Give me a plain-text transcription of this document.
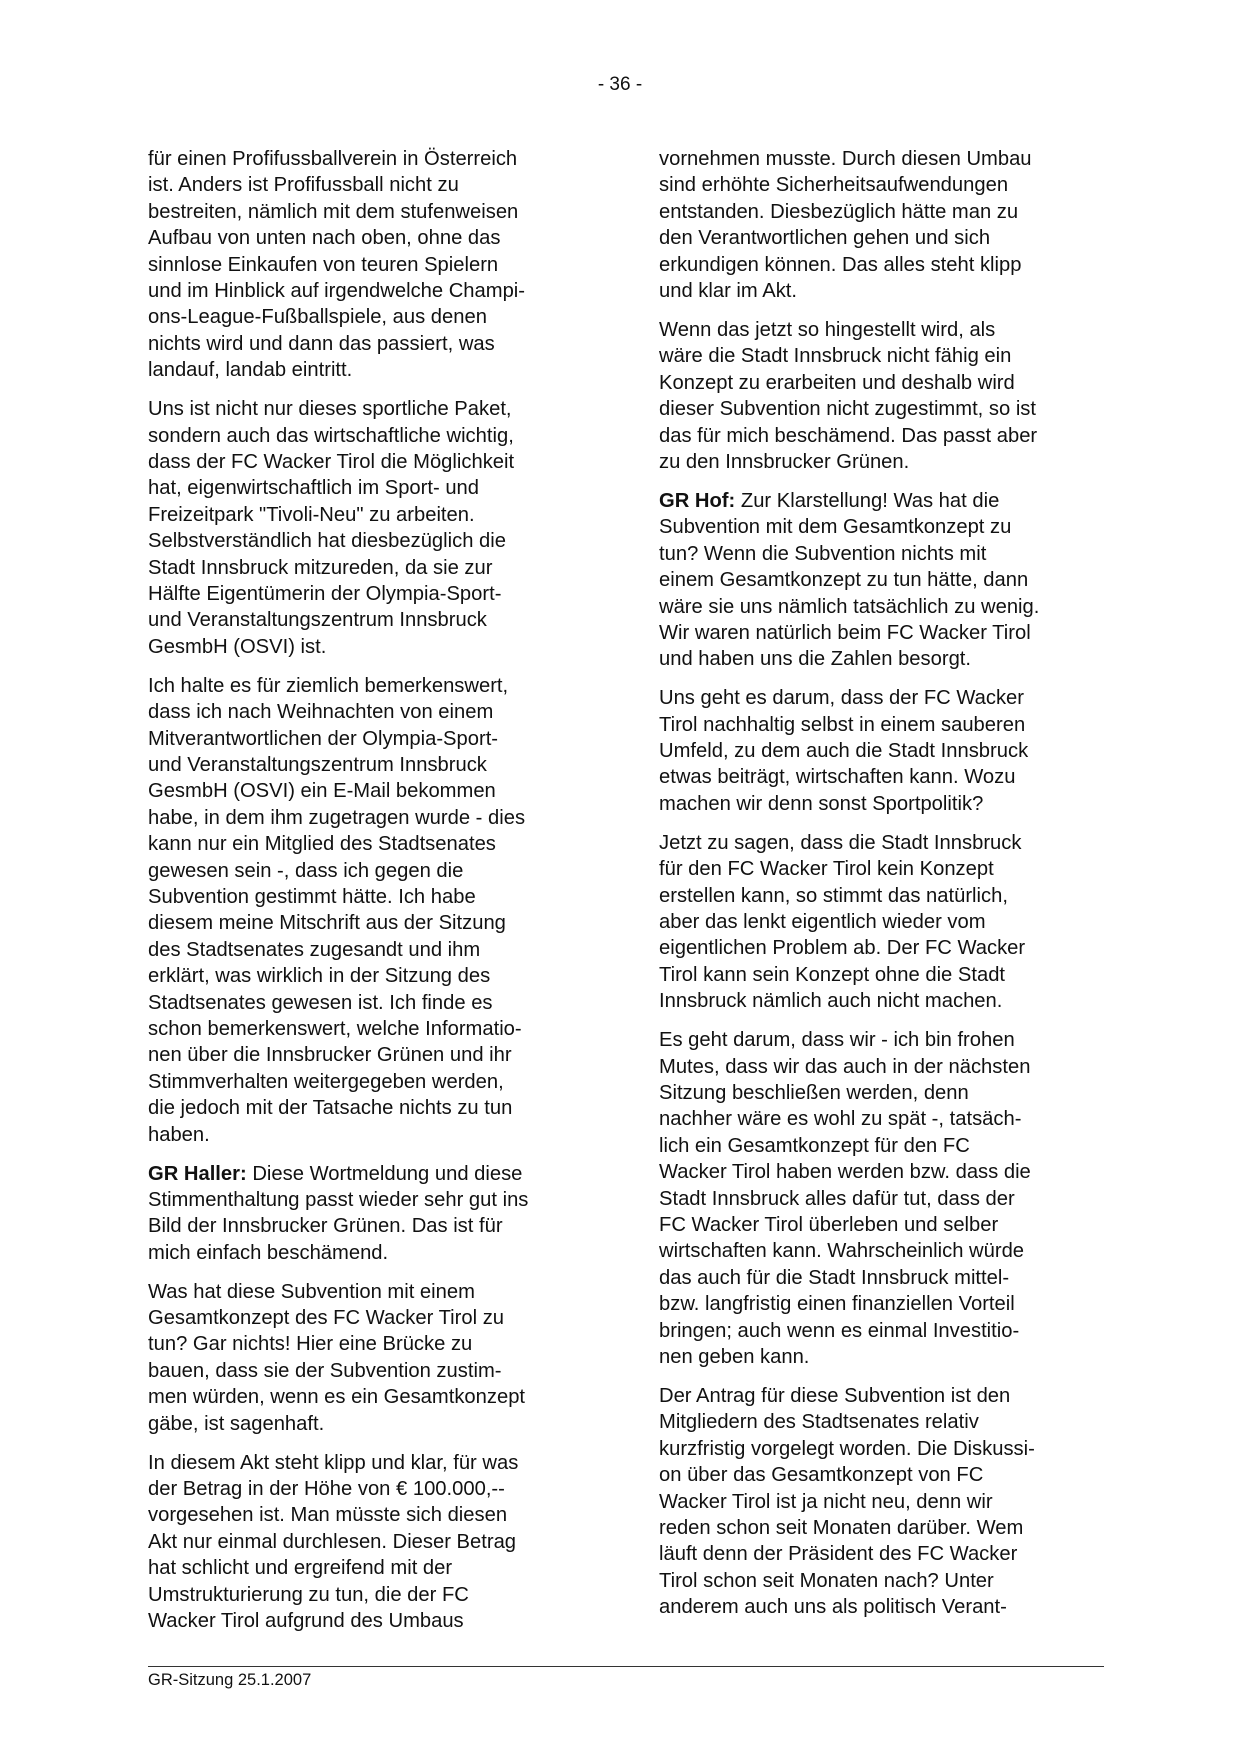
- 36 -

für einen Profifussballverein in Österreich
ist. Anders ist Profifussball nicht zu
bestreiten, nämlich mit dem stufenweisen
Aufbau von unten nach oben, ohne das
sinnlose Einkaufen von teuren Spielern
und im Hinblick auf irgendwelche Champi-
ons-League-Fußballspiele, aus denen
nichts wird und dann das passiert, was
landauf, landab eintritt.

Uns ist nicht nur dieses sportliche Paket,
sondern auch das wirtschaftliche wichtig,
dass der FC Wacker Tirol die Möglichkeit
hat, eigenwirtschaftlich im Sport- und
Freizeitpark "Tivoli-Neu" zu arbeiten.
Selbstverständlich hat diesbezüglich die
Stadt Innsbruck mitzureden, da sie zur
Hälfte Eigentümerin der Olympia-Sport-
und Veranstaltungszentrum Innsbruck
GesmbH (OSVI) ist.

Ich halte es für ziemlich bemerkenswert,
dass ich nach Weihnachten von einem
Mitverantwortlichen der Olympia-Sport-
und Veranstaltungszentrum Innsbruck
GesmbH (OSVI) ein E-Mail bekommen
habe, in dem ihm zugetragen wurde - dies
kann nur ein Mitglied des Stadtsenates
gewesen sein -, dass ich gegen die
Subvention gestimmt hätte. Ich habe
diesem meine Mitschrift aus der Sitzung
des Stadtsenates zugesandt und ihm
erklärt, was wirklich in der Sitzung des
Stadtsenates gewesen ist. Ich finde es
schon bemerkenswert, welche Informatio-
nen über die Innsbrucker Grünen und ihr
Stimmverhalten weitergegeben werden,
die jedoch mit der Tatsache nichts zu tun
haben.

GR Haller: Diese Wortmeldung und diese
Stimmenthaltung passt wieder sehr gut ins
Bild der Innsbrucker Grünen. Das ist für
mich einfach beschämend.

Was hat diese Subvention mit einem
Gesamtkonzept des FC Wacker Tirol zu
tun? Gar nichts! Hier eine Brücke zu
bauen, dass sie der Subvention zustim-
men würden, wenn es ein Gesamtkonzept
gäbe, ist sagenhaft.

In diesem Akt steht klipp und klar, für was
der Betrag in der Höhe von € 100.000,--
vorgesehen ist. Man müsste sich diesen
Akt nur einmal durchlesen. Dieser Betrag
hat schlicht und ergreifend mit der
Umstrukturierung zu tun, die der FC
Wacker Tirol aufgrund des Umbaus

vornehmen musste. Durch diesen Umbau
sind erhöhte Sicherheitsaufwendungen
entstanden. Diesbezüglich hätte man zu
den Verantwortlichen gehen und sich
erkundigen können. Das alles steht klipp
und klar im Akt.

Wenn das jetzt so hingestellt wird, als
wäre die Stadt Innsbruck nicht fähig ein
Konzept zu erarbeiten und deshalb wird
dieser Subvention nicht zugestimmt, so ist
das für mich beschämend. Das passt aber
zu den Innsbrucker Grünen.

GR Hof: Zur Klarstellung! Was hat die
Subvention mit dem Gesamtkonzept zu
tun? Wenn die Subvention nichts mit
einem Gesamtkonzept zu tun hätte, dann
wäre sie uns nämlich tatsächlich zu wenig.
Wir waren natürlich beim FC Wacker Tirol
und haben uns die Zahlen besorgt.

Uns geht es darum, dass der FC Wacker
Tirol nachhaltig selbst in einem sauberen
Umfeld, zu dem auch die Stadt Innsbruck
etwas beiträgt, wirtschaften kann. Wozu
machen wir denn sonst Sportpolitik?

Jetzt zu sagen, dass die Stadt Innsbruck
für den FC Wacker Tirol kein Konzept
erstellen kann, so stimmt das natürlich,
aber das lenkt eigentlich wieder vom
eigentlichen Problem ab. Der FC Wacker
Tirol kann sein Konzept ohne die Stadt
Innsbruck nämlich auch nicht machen.

Es geht darum, dass wir - ich bin frohen
Mutes, dass wir das auch in der nächsten
Sitzung beschließen werden, denn
nachher wäre es wohl zu spät -, tatsäch-
lich ein Gesamtkonzept für den FC
Wacker Tirol haben werden bzw. dass die
Stadt Innsbruck alles dafür tut, dass der
FC Wacker Tirol überleben und selber
wirtschaften kann. Wahrscheinlich würde
das auch für die Stadt Innsbruck mittel-
bzw. langfristig einen finanziellen Vorteil
bringen; auch wenn es einmal Investitio-
nen geben kann.

Der Antrag für diese Subvention ist den
Mitgliedern des Stadtsenates relativ
kurzfristig vorgelegt worden. Die Diskussi-
on über das Gesamtkonzept von FC
Wacker Tirol ist ja nicht neu, denn wir
reden schon seit Monaten darüber. Wem
läuft denn der Präsident des FC Wacker
Tirol schon seit Monaten nach? Unter
anderem auch uns als politisch Verant-

GR-Sitzung 25.1.2007
